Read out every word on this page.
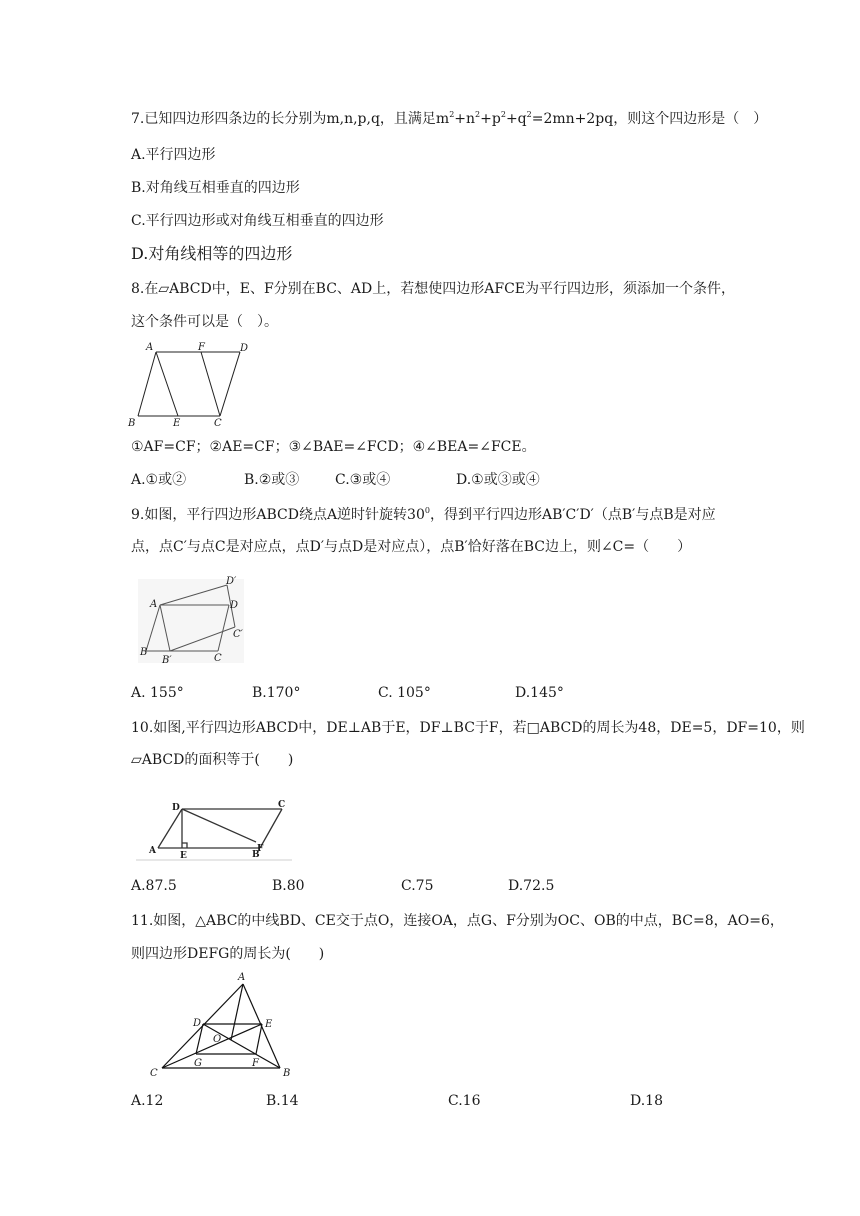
7.已知四边形四条边的长分别为m,n,p,q，且满足$m^2+n^2+p^2+q^2=2mn+2pq$，则这个四边形是（　）
A.平行四边形
B.对角线互相垂直的四边形
C.平行四边形或对角线互相垂直的四边形
D.对角线相等的四边形
8.在▱ABCD中，E、F分别在BC、AD上，若想使四边形AFCE为平行四边形，须添加一个条件，
这个条件可以是（　）。
A	F	D
B	E	C
①AF=CF；②AE=CF；③∠BAE=∠FCD；④∠BEA=∠FCE。
A.①或②	B.②或③	C.③或④	D.①或③或④
9.如图，平行四边形ABCD绕点A逆时针旋转$30^0$，得到平行四边形AB′C′D′（点B′与点B是对应
点，点C′与点C是对应点，点D′与点D是对应点），点B′恰好落在BC边上，则∠C=（　　）
D′
A	D
C′
B
B′	C
A. 155°	B.170°	C. 105°	D.145°
10.如图,平行四边形ABCD中，DE⊥AB于E，DF⊥BC于F，若□ABCD的周长为48，DE=5，DF=10，则
▱ABCD的面积等于(　　)
D	C
A	E	B
F
A.87.5	B.80	C.75	D.72.5
11.如图，△ABC的中线BD、CE交于点O，连接OA，点G、F分别为OC、OB的中点，BC=8，AO=6，
则四边形DEFG的周长为(　　)
A
D	E
O
G	F
C	B
A.12	B.14	C.16	D.18
